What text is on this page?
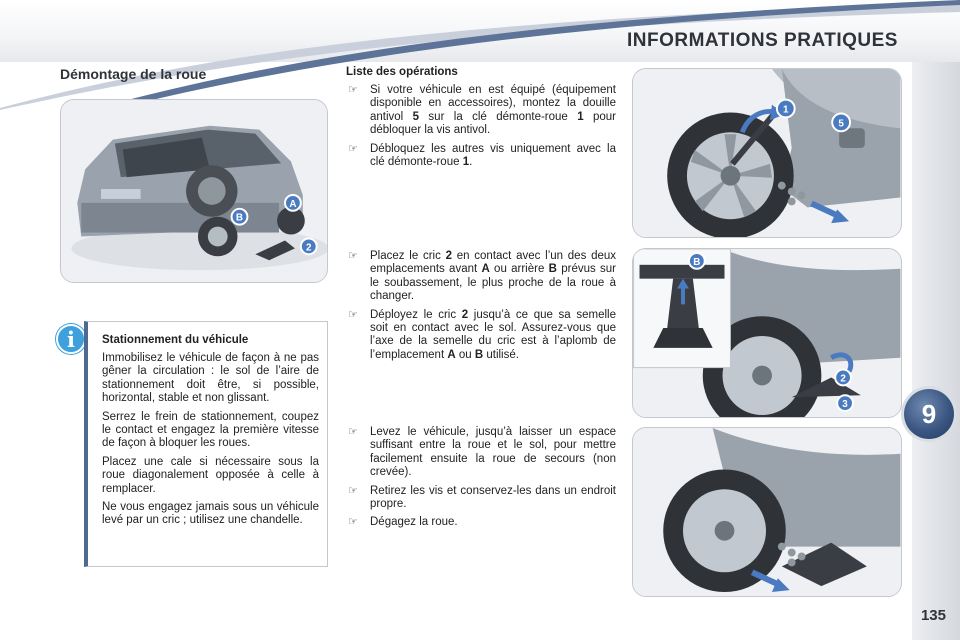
INFORMATIONS PRATIQUES
9
135
Démontage de la roue
A
B
2
i	Stationnement du véhicule

Immobilisez le véhicule de façon à ne pas gêner la circulation : le sol de l’aire de stationnement doit être, si possible, horizontal, stable et non glissant.

Serrez le frein de stationnement, coupez le contact et engagez la première vitesse de façon à bloquer les roues.

Placez une cale si nécessaire sous la roue diagonalement opposée à celle à remplacer.

Ne vous engagez jamais sous un véhicule levé par un cric ; utilisez une chandelle.

Liste des opérations
☞	Si votre véhicule en est équipé (équipement disponible en accessoires), montez la douille antivol 5 sur la clé démonte-roue 1 pour débloquer la vis antivol.
☞	Débloquez les autres vis uniquement avec la clé démonte-roue 1.
☞	Placez le cric 2 en contact avec l’un des deux emplacements avant A ou arrière B prévus sur le soubassement, le plus proche de la roue à changer.
☞	Déployez le cric 2 jusqu’à ce que sa semelle soit en contact avec le sol. Assurez-vous que l’axe de la semelle du cric est à l’aplomb de l’emplacement A ou B utilisé.
☞	Levez le véhicule, jusqu’à laisser un espace suffisant entre la roue et le sol, pour mettre facilement ensuite la roue de secours (non crevée).
☞	Retirez les vis et conservez-les dans un endroit propre.
☞	Dégagez la roue.
1
5
B
2
3
